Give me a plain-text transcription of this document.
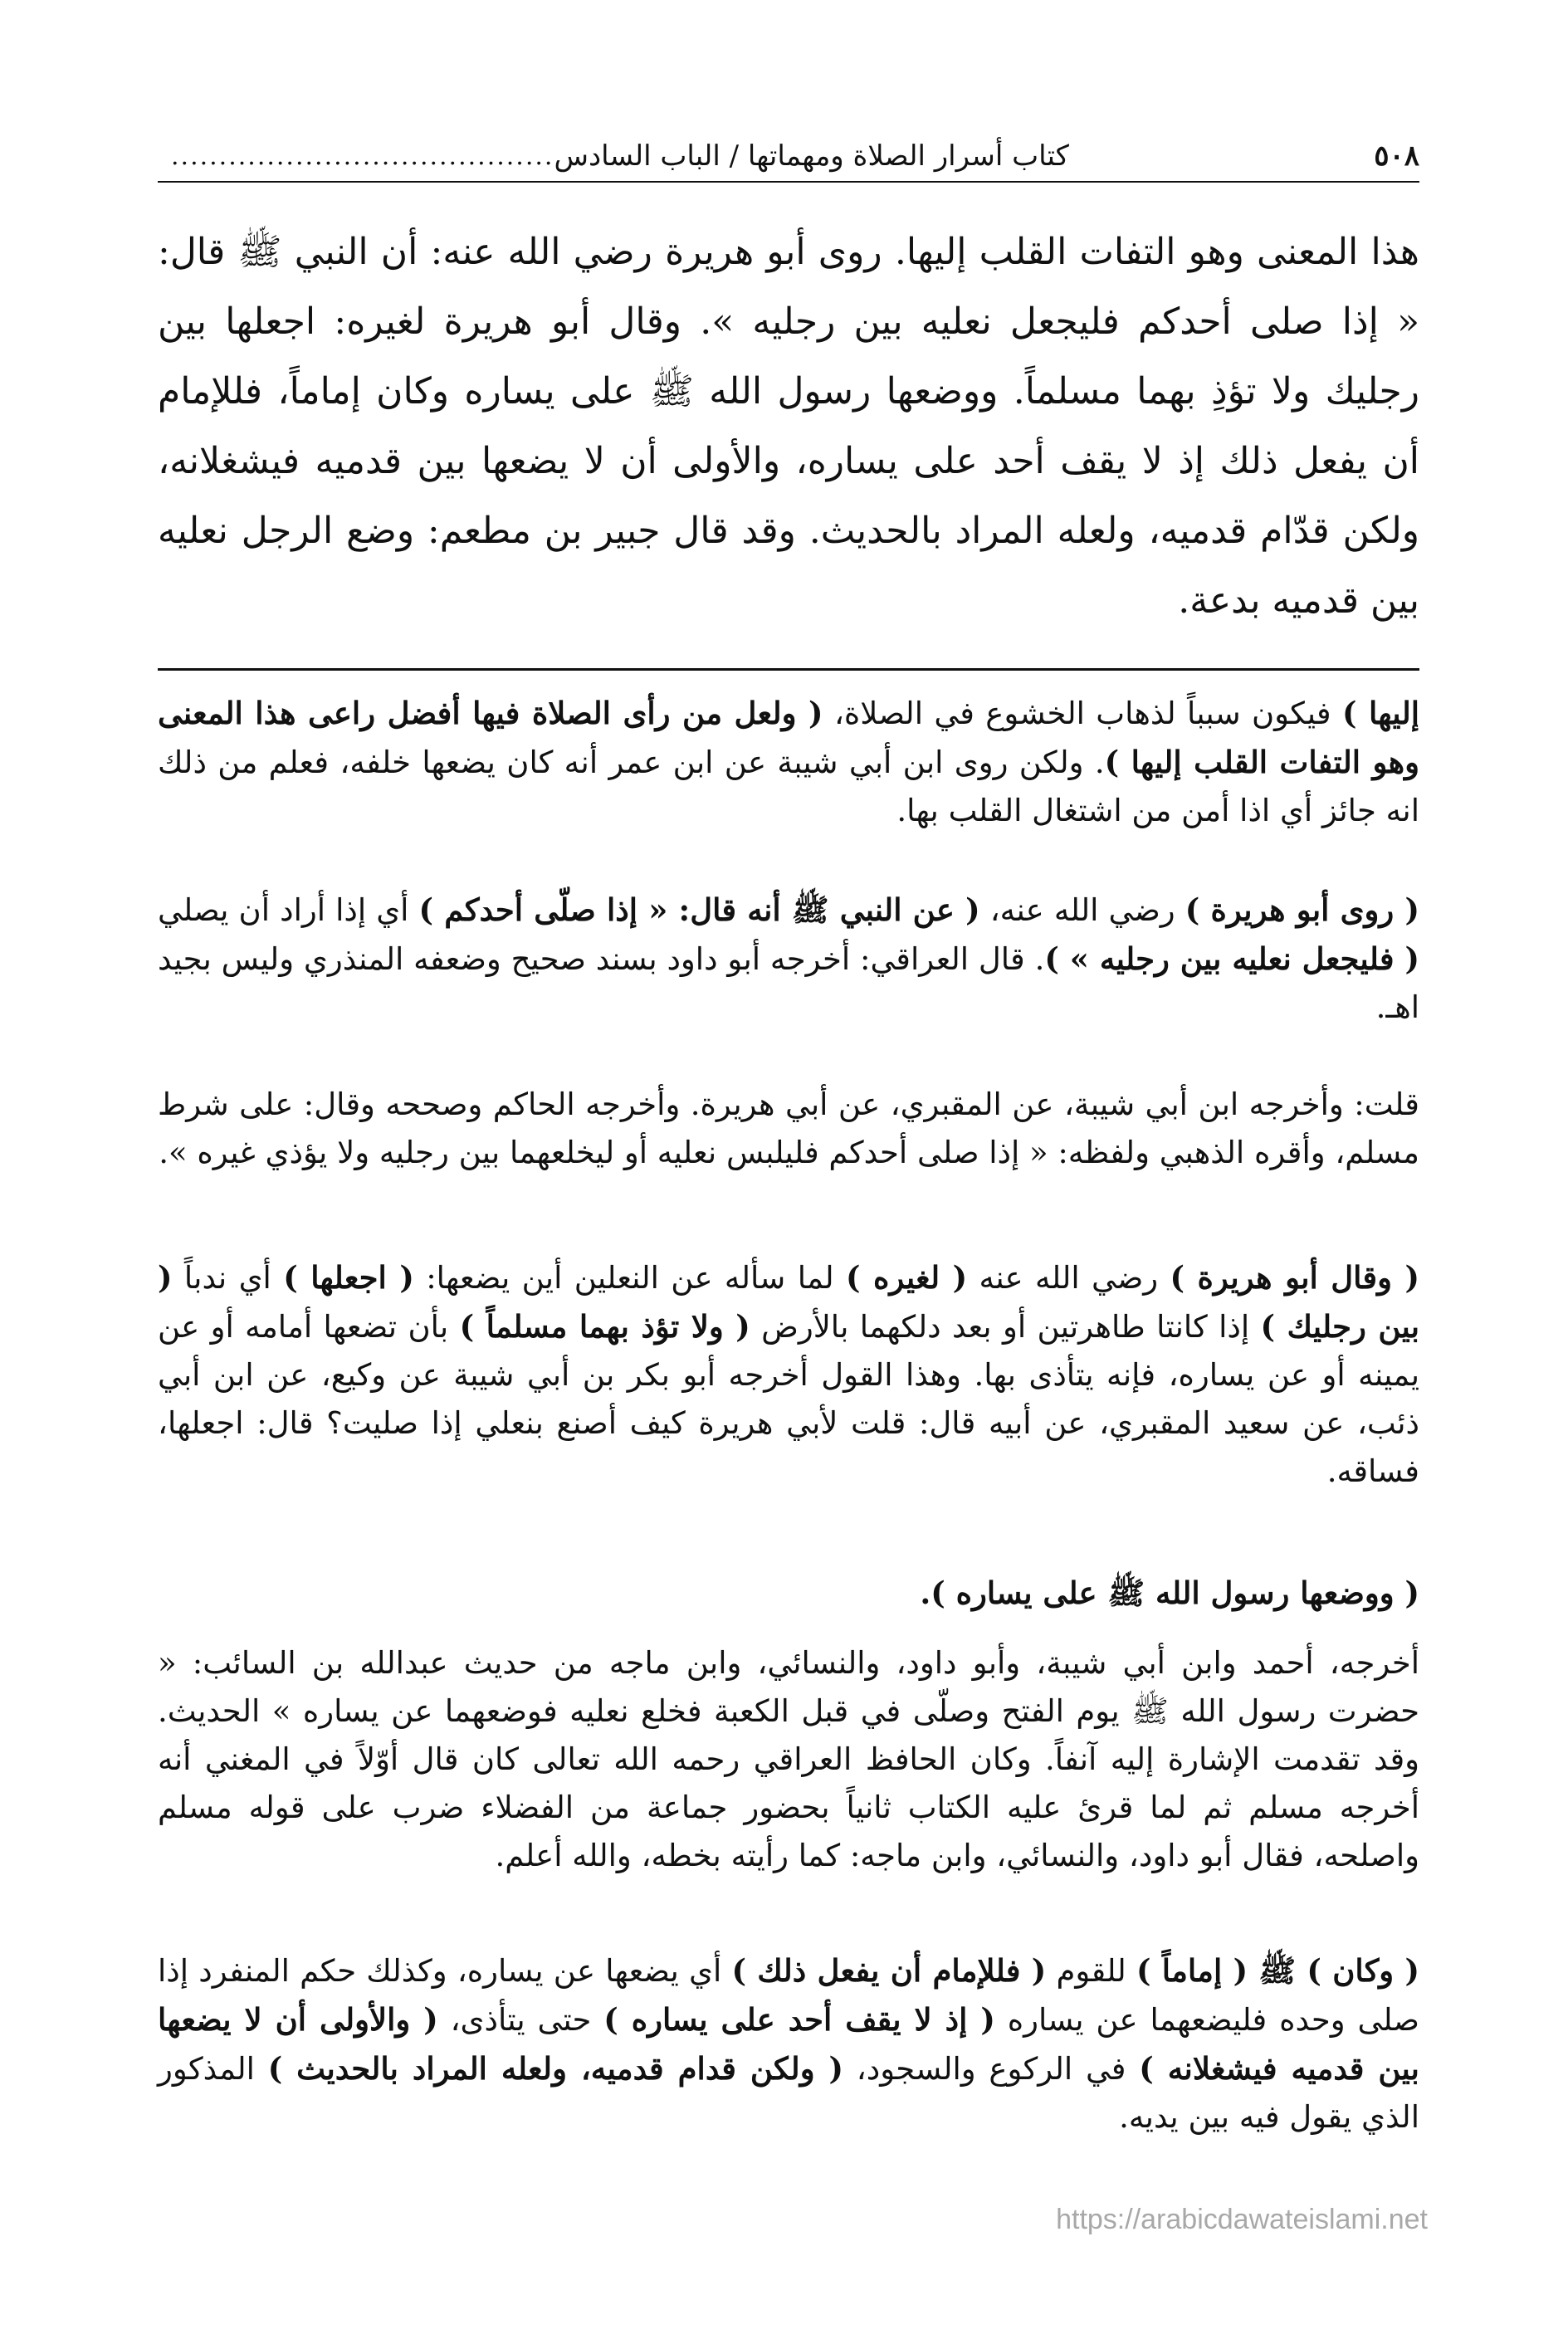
٥٠٨
كتاب أسرار الصلاة ومهماتها / الباب السادس
........................................

هذا المعنى وهو التفات القلب إليها. روى أبو هريرة رضي الله عنه: أن النبي ﷺ قال: « إذا صلى أحدكم فليجعل نعليه بين رجليه ». وقال أبو هريرة لغيره: اجعلها بين رجليك ولا تؤذِ بهما مسلماً. ووضعها رسول الله ﷺ على يساره وكان إماماً، فللإمام أن يفعل ذلك إذ لا يقف أحد على يساره، والأولى أن لا يضعها بين قدميه فيشغلانه، ولكن قدّام قدميه، ولعله المراد بالحديث. وقد قال جبير بن مطعم: وضع الرجل نعليه بين قدميه بدعة.

إليها ) فيكون سبباً لذهاب الخشوع في الصلاة، ( ولعل من رأى الصلاة فيها أفضل راعى هذا المعنى وهو التفات القلب إليها ). ولكن روى ابن أبي شيبة عن ابن عمر أنه كان يضعها خلفه، فعلم من ذلك انه جائز أي اذا أمن من اشتغال القلب بها.

( روى أبو هريرة ) رضي الله عنه، ( عن النبي ﷺ أنه قال: « إذا صلّى أحدكم ) أي إذا أراد أن يصلي ( فليجعل نعليه بين رجليه » ). قال العراقي: أخرجه أبو داود بسند صحيح وضعفه المنذري وليس بجيد اهـ.

قلت: وأخرجه ابن أبي شيبة، عن المقبري، عن أبي هريرة. وأخرجه الحاكم وصححه وقال: على شرط مسلم، وأقره الذهبي ولفظه: « إذا صلى أحدكم فليلبس نعليه أو ليخلعهما بين رجليه ولا يؤذي غيره ».

( وقال أبو هريرة ) رضي الله عنه ( لغيره ) لما سأله عن النعلين أين يضعها: ( اجعلها ) أي ندباً ( بين رجليك ) إذا كانتا طاهرتين أو بعد دلكهما بالأرض ( ولا تؤذ بهما مسلماً ) بأن تضعها أمامه أو عن يمينه أو عن يساره، فإنه يتأذى بها. وهذا القول أخرجه أبو بكر بن أبي شيبة عن وكيع، عن ابن أبي ذئب، عن سعيد المقبري، عن أبيه قال: قلت لأبي هريرة كيف أصنع بنعلي إذا صليت؟ قال: اجعلها، فساقه.

( ووضعها رسول الله ﷺ على يساره ).

أخرجه، أحمد وابن أبي شيبة، وأبو داود، والنسائي، وابن ماجه من حديث عبدالله بن السائب: « حضرت رسول الله ﷺ يوم الفتح وصلّى في قبل الكعبة فخلع نعليه فوضعهما عن يساره » الحديث. وقد تقدمت الإشارة إليه آنفاً. وكان الحافظ العراقي رحمه الله تعالى كان قال أوّلاً في المغني أنه أخرجه مسلم ثم لما قرئ عليه الكتاب ثانياً بحضور جماعة من الفضلاء ضرب على قوله مسلم واصلحه، فقال أبو داود، والنسائي، وابن ماجه: كما رأيته بخطه، والله أعلم.

( وكان ) ﷺ ( إماماً ) للقوم ( فللإمام أن يفعل ذلك ) أي يضعها عن يساره، وكذلك حكم المنفرد إذا صلى وحده فليضعهما عن يساره ( إذ لا يقف أحد على يساره ) حتى يتأذى، ( والأولى أن لا يضعها بين قدميه فيشغلانه ) في الركوع والسجود، ( ولكن قدام قدميه، ولعله المراد بالحديث ) المذكور الذي يقول فيه بين يديه.

https://arabicdawateislami.net
